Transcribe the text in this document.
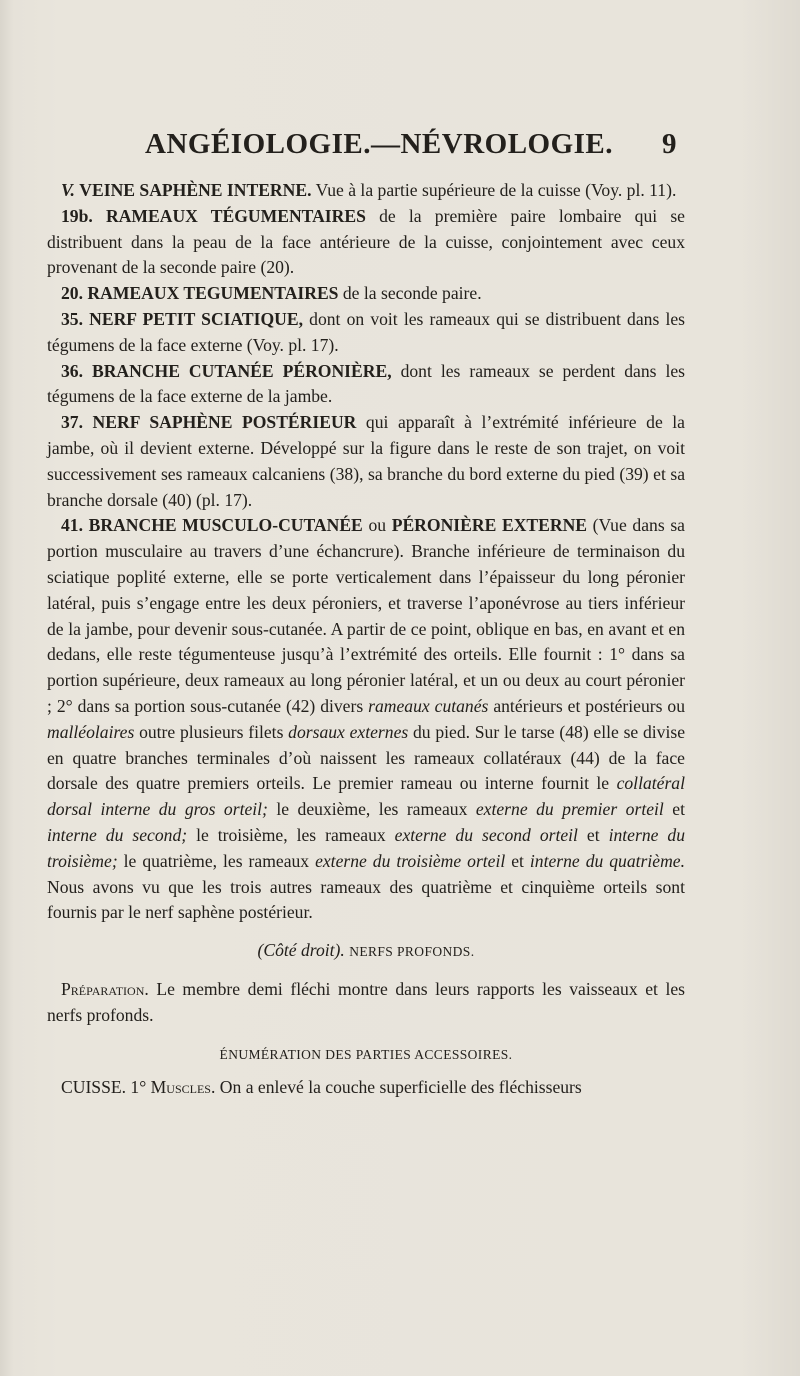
ANGÉIOLOGIE.—NÉVROLOGIE. 9

V. VEINE SAPHÈNE INTERNE. Vue à la partie supérieure de la cuisse (Voy. pl. 11).

19b. RAMEAUX TÉGUMENTAIRES de la première paire lombaire qui se distribuent dans la peau de la face antérieure de la cuisse, conjointement avec ceux provenant de la seconde paire (20).

20. RAMEAUX TEGUMENTAIRES de la seconde paire.

35. NERF PETIT SCIATIQUE, dont on voit les rameaux qui se distribuent dans les tégumens de la face externe (Voy. pl. 17).

36. BRANCHE CUTANÉE PÉRONIÈRE, dont les rameaux se perdent dans les tégumens de la face externe de la jambe.

37. NERF SAPHÈNE POSTÉRIEUR qui apparaît à l’extrémité inférieure de la jambe, où il devient externe. Développé sur la figure dans le reste de son trajet, on voit successivement ses rameaux calcaniens (38), sa branche du bord externe du pied (39) et sa branche dorsale (40) (pl. 17).

41. BRANCHE MUSCULO-CUTANÉE ou PÉRONIÈRE EXTERNE (Vue dans sa portion musculaire au travers d’une échancrure). Branche inférieure de terminaison du sciatique poplité externe, elle se porte verticalement dans l’épaisseur du long péronier latéral, puis s’engage entre les deux péroniers, et traverse l’aponévrose au tiers inférieur de la jambe, pour devenir sous-cutanée. A partir de ce point, oblique en bas, en avant et en dedans, elle reste tégumenteuse jusqu’à l’extrémité des orteils. Elle fournit : 1° dans sa portion supérieure, deux rameaux au long péronier latéral, et un ou deux au court péronier ; 2° dans sa portion sous-cutanée (42) divers rameaux cutanés antérieurs et postérieurs ou malléolaires outre plusieurs filets dorsaux externes du pied. Sur le tarse (48) elle se divise en quatre branches terminales d’où naissent les rameaux collatéraux (44) de la face dorsale des quatre premiers orteils. Le premier rameau ou interne fournit le collatéral dorsal interne du gros orteil; le deuxième, les rameaux externe du premier orteil et interne du second; le troisième, les rameaux externe du second orteil et interne du troisième; le quatrième, les rameaux externe du troisième orteil et interne du quatrième. Nous avons vu que les trois autres rameaux des quatrième et cinquième orteils sont fournis par le nerf saphène postérieur.

(Côté droit). NERFS PROFONDS.

Préparation. Le membre demi fléchi montre dans leurs rapports les vaisseaux et les nerfs profonds.

ÉNUMÉRATION DES PARTIES ACCESSOIRES.

CUISSE. 1° Muscles. On a enlevé la couche superficielle des fléchisseurs
